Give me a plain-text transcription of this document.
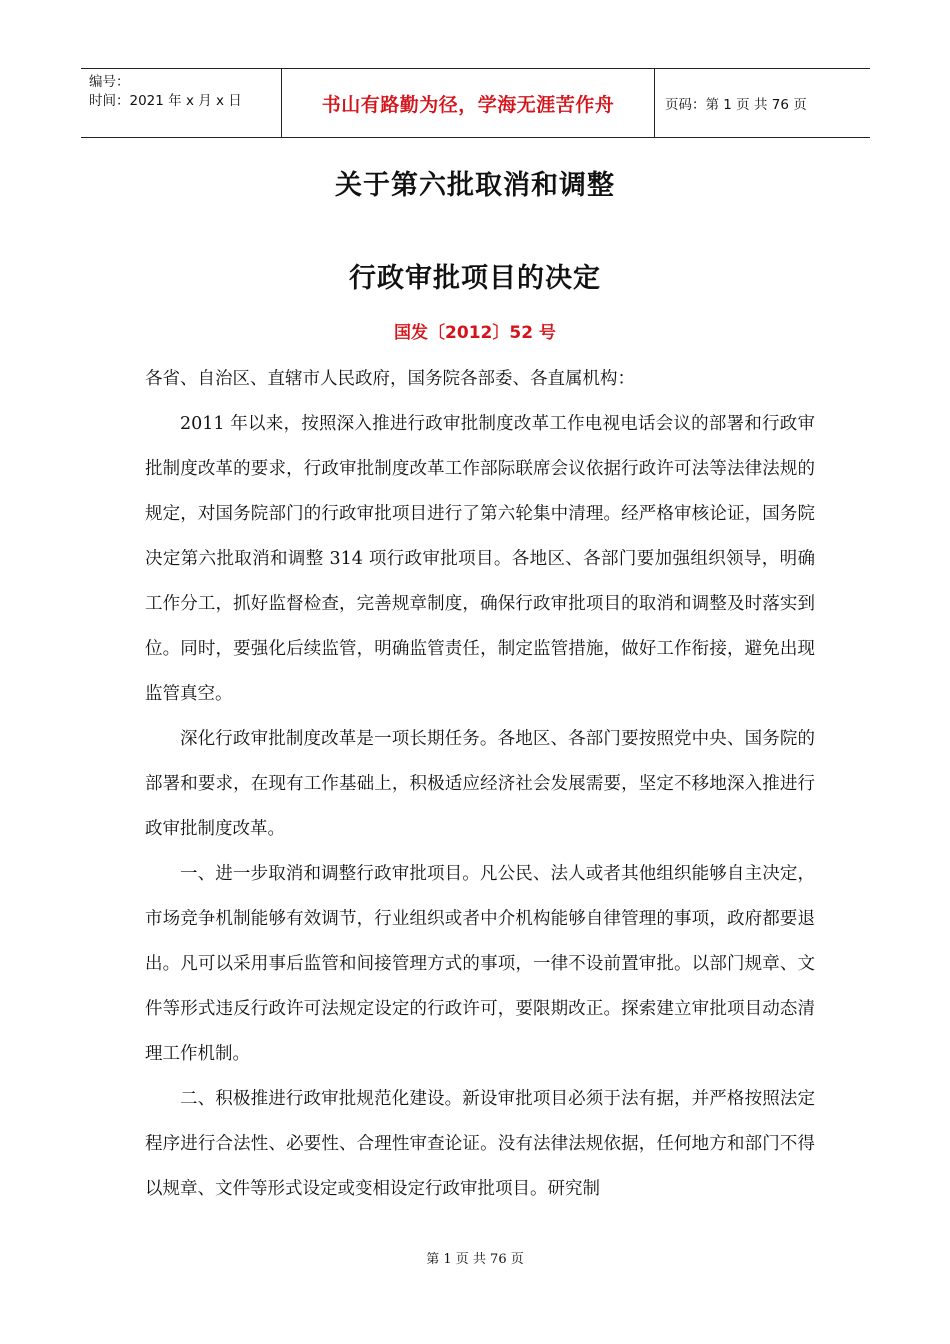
编号：
时间：2021 年 x 月 x 日	书山有路勤为径，学海无涯苦作舟	页码：第 1 页 共 76 页
关于第六批取消和调整
行政审批项目的决定
国发〔2012〕52 号

各省、自治区、直辖市人民政府，国务院各部委、各直属机构：

2011 年以来，按照深入推进行政审批制度改革工作电视电话会议的部署和行政审批制度改革的要求，行政审批制度改革工作部际联席会议依据行政许可法等法律法规的规定，对国务院部门的行政审批项目进行了第六轮集中清理。经严格审核论证，国务院决定第六批取消和调整 314 项行政审批项目。各地区、各部门要加强组织领导，明确工作分工，抓好监督检查，完善规章制度，确保行政审批项目的取消和调整及时落实到位。同时，要强化后续监管，明确监管责任，制定监管措施，做好工作衔接，避免出现监管真空。

深化行政审批制度改革是一项长期任务。各地区、各部门要按照党中央、国务院的部署和要求，在现有工作基础上，积极适应经济社会发展需要，坚定不移地深入推进行政审批制度改革。

一、进一步取消和调整行政审批项目。凡公民、法人或者其他组织能够自主决定，市场竞争机制能够有效调节，行业组织或者中介机构能够自律管理的事项，政府都要退出。凡可以采用事后监管和间接管理方式的事项，一律不设前置审批。以部门规章、文件等形式违反行政许可法规定设定的行政许可，要限期改正。探索建立审批项目动态清理工作机制。

二、积极推进行政审批规范化建设。新设审批项目必须于法有据，并严格按照法定程序进行合法性、必要性、合理性审查论证。没有法律法规依据，任何地方和部门不得以规章、文件等形式设定或变相设定行政审批项目。研究制

第 1 页 共 76 页
